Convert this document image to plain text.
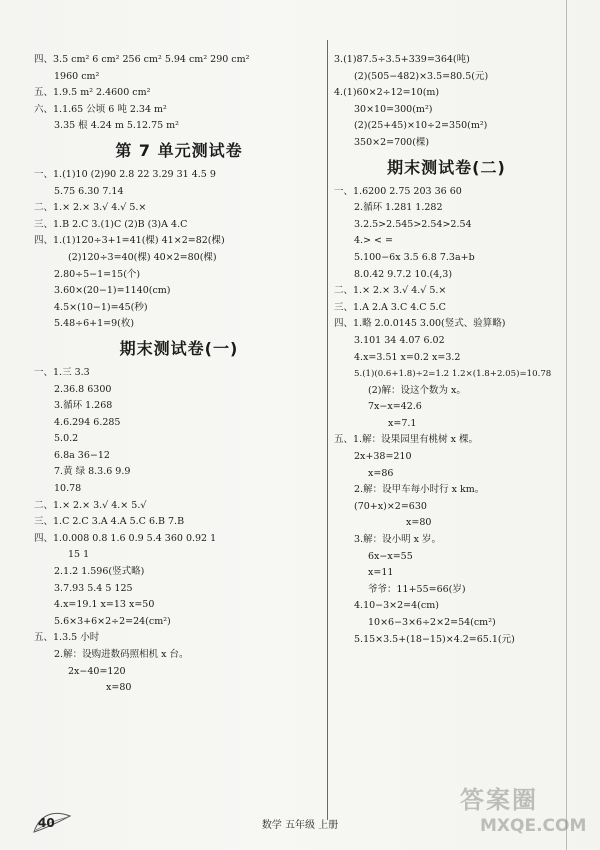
四、3.5 cm² 6 cm² 256 cm² 5.94 cm² 290 cm²
1960 cm²
五、1.9.5 m² 2.4600 cm²
六、1.1.65 公顷 6 吨 2.34 m²
3.35 根 4.24 m 5.12.75 m²
第 7 单元测试卷
一、1.(1)10 (2)90 2.8 22 3.29 31 4.5 9
5.75 6.30 7.14
二、1.× 2.× 3.√ 4.√ 5.×
三、1.B 2.C 3.(1)C (2)B (3)A 4.C
四、1.(1)120÷3+1=41(棵) 41×2=82(棵)
(2)120÷3=40(棵) 40×2=80(棵)
2.80÷5−1=15(个)
3.60×(20−1)=1140(cm)
4.5×(10−1)=45(秒)
5.48÷6+1=9(枚)
期末测试卷(一)
一、1.三 3.3
2.36.8 6300
3.循环 1.268
4.6.294 6.285
5.0.2
6.8a 36−12
7.黄 绿 8.3.6 9.9
10.78
二、1.× 2.× 3.√ 4.× 5.√
三、1.C 2.C 3.A 4.A 5.C 6.B 7.B
四、1.0.008 0.8 1.6 0.9 5.4 360 0.92 1
15 1
2.1.2 1.596(竖式略)
3.7.93 5.4 5 125
4.x=19.1 x=13 x=50
5.6×3+6×2÷2=24(cm²)
五、1.3.5 小时
2.解：设购进数码照相机 x 台。
2x−40=120
x=80
3.(1)87.5÷3.5+339=364(吨)
(2)(505−482)×3.5=80.5(元)
4.(1)60×2÷12=10(m)
30×10=300(m²)
(2)(25+45)×10÷2=350(m²)
350×2=700(棵)
期末测试卷(二)
一、1.6200 2.75 203 36 60
2.循环 1.281 1.282
3.2.5>2.545>2.54>2.54
4.> < =
5.100−6x 3.5 6.8 7.3a+b
8.0.42 9.7.2 10.(4,3)
二、1.× 2.× 3.√ 4.√ 5.×
三、1.A 2.A 3.C 4.C 5.C
四、1.略 2.0.0145 3.00(竖式、验算略)
3.101 34 4.07 6.02
4.x=3.51 x=0.2 x=3.2
5.(1)(0.6+1.8)÷2=1.2 1.2×(1.8+2.05)=10.78
(2)解：设这个数为 x。
7x−x=42.6
x=7.1
五、1.解：设果园里有桃树 x 棵。
2x+38=210
x=86
2.解：设甲车每小时行 x km。
(70+x)×2=630
x=80
3.解：设小明 x 岁。
6x−x=55
x=11
爷爷：11+55=66(岁)
4.10−3×2=4(cm)
10×6−3×6÷2×2=54(cm²)
5.15×3.5+(18−15)×4.2=65.1(元)
40	数学 五年级 上册
答案圈
MXQE.COM
